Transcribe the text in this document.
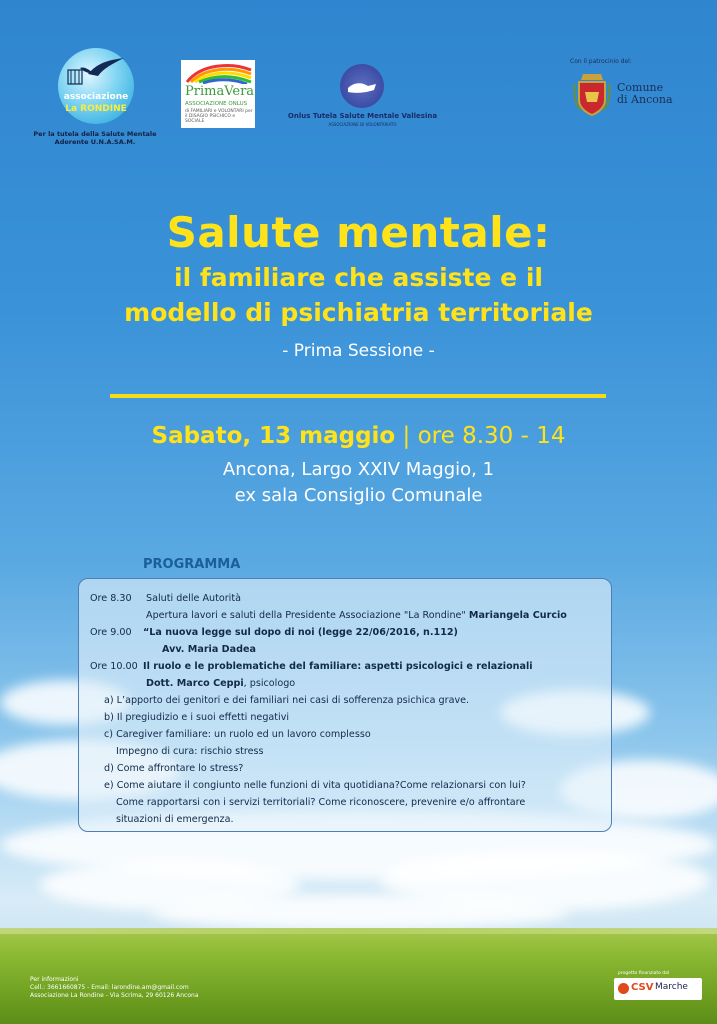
associazione
La RONDINE
Per la tutela della Salute Mentale
Aderente U.N.A.SA.M.
PrimaVera
ASSOCIAZIONE ONLUS
di FAMILIARI e VOLONTARI per il DISAGIO PSICHICO e SOCIALE
Onlus Tutela Salute Mentale Vallesina
ASSOCIAZIONE DI VOLONTARIATO
Con il patrocinio del:
Comune
di Ancona
Salute mentale:
il familiare che assiste e il
modello di psichiatria territoriale
- Prima Sessione -
Sabato, 13 maggio | ore 8.30 - 14
Ancona, Largo XXIV Maggio, 1
ex sala Consiglio Comunale
PROGRAMMA
Ore 8.30 Saluti delle Autorità
Apertura lavori e saluti della Presidente Associazione "La Rondine" Mariangela Curcio
Ore 9.00 “La nuova legge sul dopo di noi (legge 22/06/2016, n.112)
Avv. Maria Dadea
Ore 10.00 Il ruolo e le problematiche del familiare: aspetti psicologici e relazionali
Dott. Marco Ceppi, psicologo
a) L’apporto dei genitori e dei familiari nei casi di sofferenza psichica grave.
b) Il pregiudizio e i suoi effetti negativi
c) Caregiver familiare: un ruolo ed un lavoro complesso
Impegno di cura: rischio stress
d) Come affrontare lo stress?
e) Come aiutare il congiunto nelle funzioni di vita quotidiana?Come relazionarsi con lui?
Come rapportarsi con i servizi territoriali? Come riconoscere, prevenire e/o affrontare
situazioni di emergenza.
Per informazioni
Cell.: 3661660875 - Email: larondine.am@gmail.com
Associazione La Rondine - Via Scrima, 29 60126 Ancona
progetto finanziato dal
CSV Marche
